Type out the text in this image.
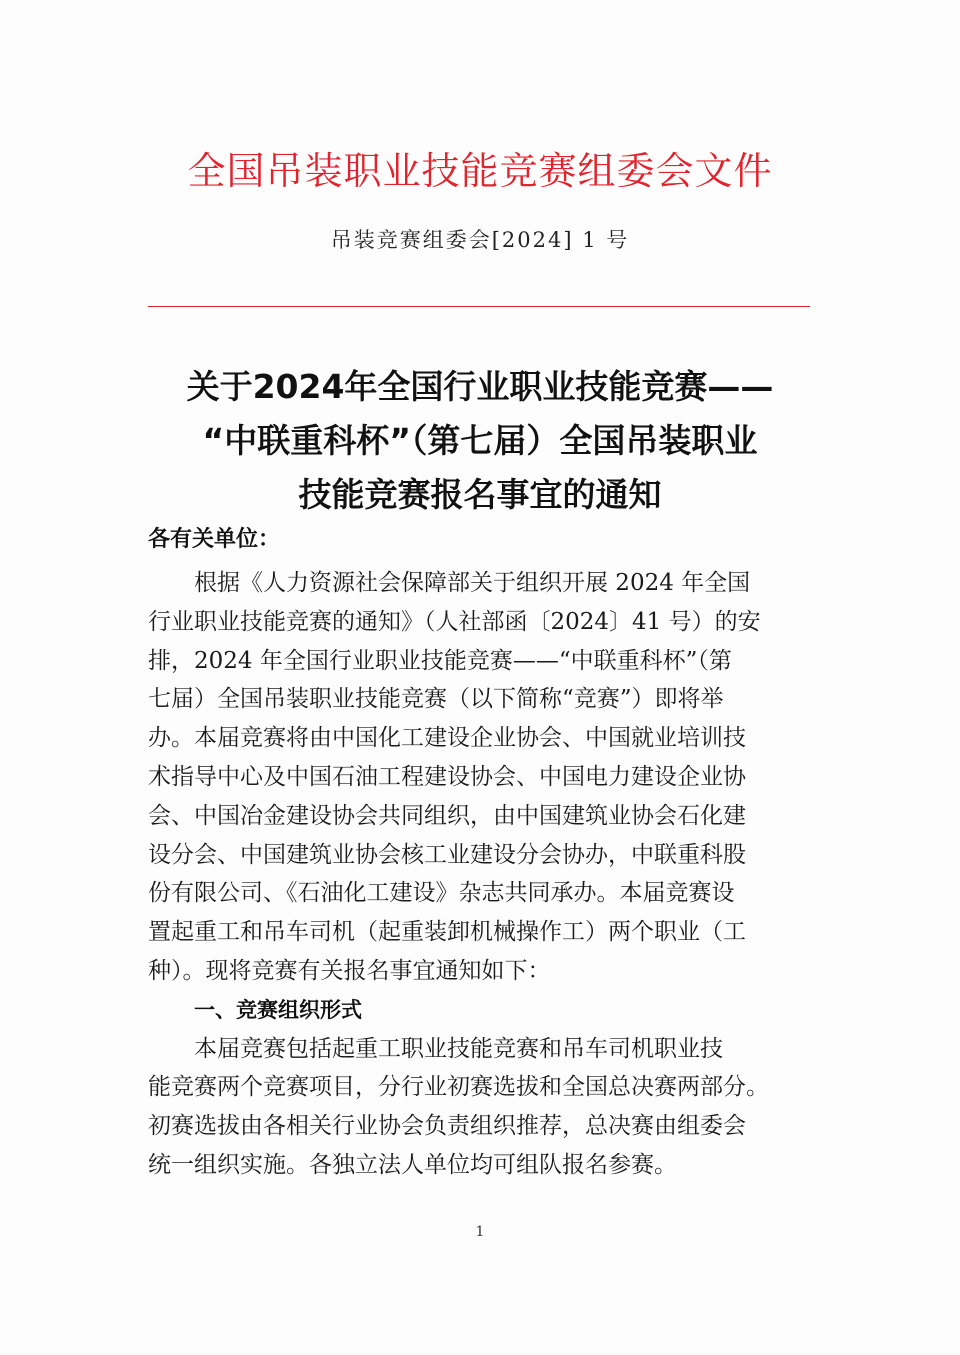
全国吊装职业技能竞赛组委会文件
吊装竞赛组委会[2024] 1 号
关于2024年全国行业职业技能竞赛——
“中联重科杯”（第七届）全国吊装职业
技能竞赛报名事宜的通知
各有关单位：
根据《人力资源社会保障部关于组织开展 2024 年全国
行业职业技能竞赛的通知》（人社部函〔2024〕41 号）的安
排，2024 年全国行业职业技能竞赛——“中联重科杯”（第
七届）全国吊装职业技能竞赛（以下简称“竞赛”）即将举
办。本届竞赛将由中国化工建设企业协会、中国就业培训技
术指导中心及中国石油工程建设协会、中国电力建设企业协
会、中国冶金建设协会共同组织，由中国建筑业协会石化建
设分会、中国建筑业协会核工业建设分会协办，中联重科股
份有限公司、《石油化工建设》杂志共同承办。本届竞赛设
置起重工和吊车司机（起重装卸机械操作工）两个职业（工
种）。现将竞赛有关报名事宜通知如下：
一、竞赛组织形式
本届竞赛包括起重工职业技能竞赛和吊车司机职业技
能竞赛两个竞赛项目，分行业初赛选拔和全国总决赛两部分。
初赛选拔由各相关行业协会负责组织推荐，总决赛由组委会
统一组织实施。各独立法人单位均可组队报名参赛。
1
